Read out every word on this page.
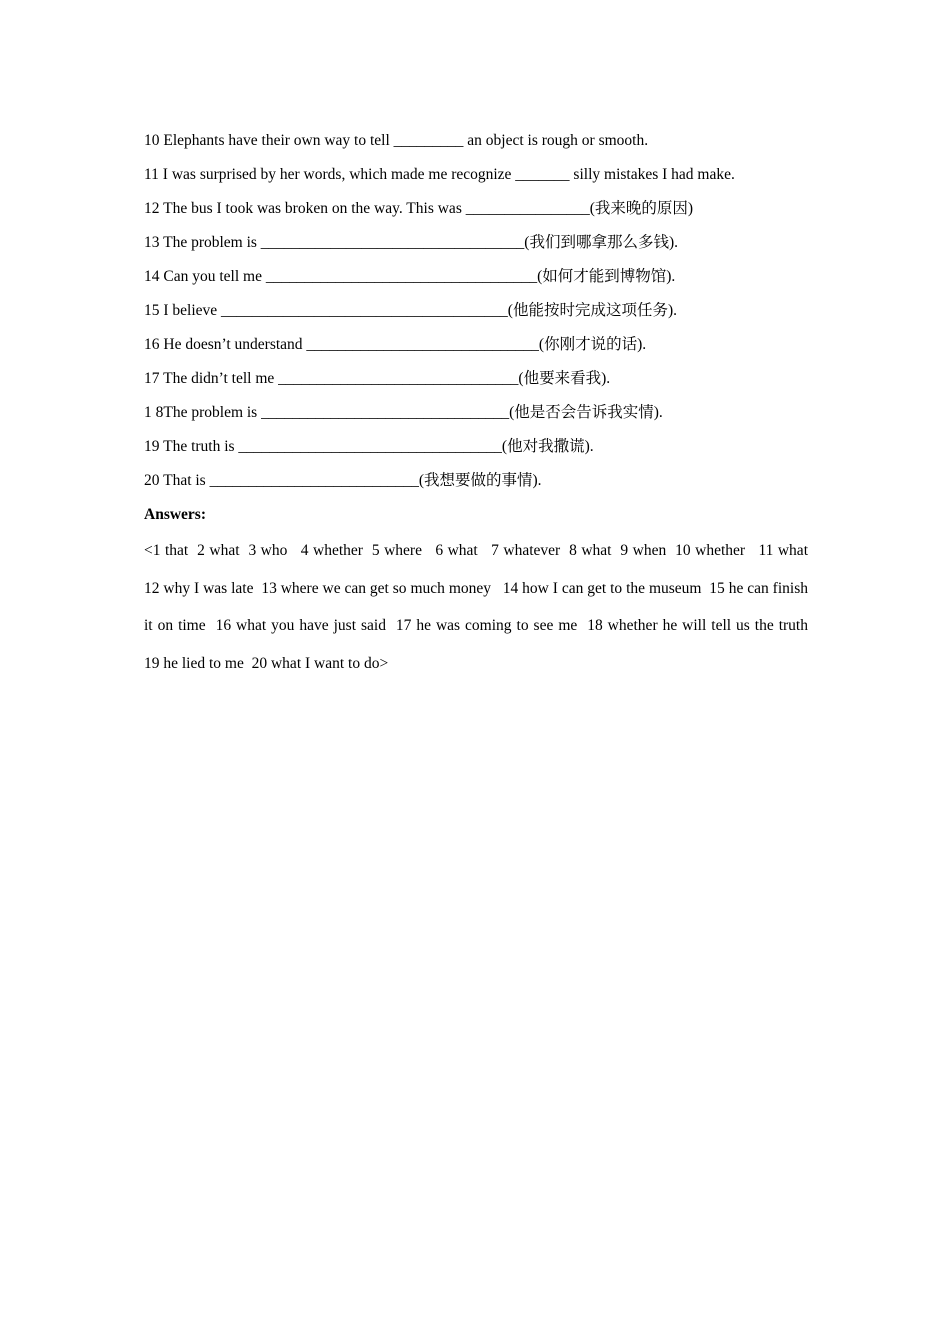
10 Elephants have their own way to tell _________ an object is rough or smooth.
11 I was surprised by her words, which made me recognize _______ silly mistakes I had make.
12 The bus I took was broken on the way. This was ________________(我来晚的原因)
13 The problem is __________________________________(我们到哪拿那么多钱).
14 Can you tell me ___________________________________(如何才能到博物馆).
15 I believe _____________________________________(他能按时完成这项任务).
16 He doesn’t understand ______________________________(你刚才说的话).
17 The didn’t tell me _______________________________(他要来看我).
1 8The problem is ________________________________(他是否会告诉我实情).
19 The truth is __________________________________(他对我撒谎).
20 That is ___________________________(我想要做的事情).
Answers:
<1 that  2 what  3 who   4 whether  5 where   6 what   7 whatever  8 what  9 when  10 whether   11 what   12 why I was late  13 where we can get so much money   14 how I can get to the museum  15 he can finish it on time  16 what you have just said  17 he was coming to see me  18 whether he will tell us the truth    19 he lied to me  20 what I want to do>
